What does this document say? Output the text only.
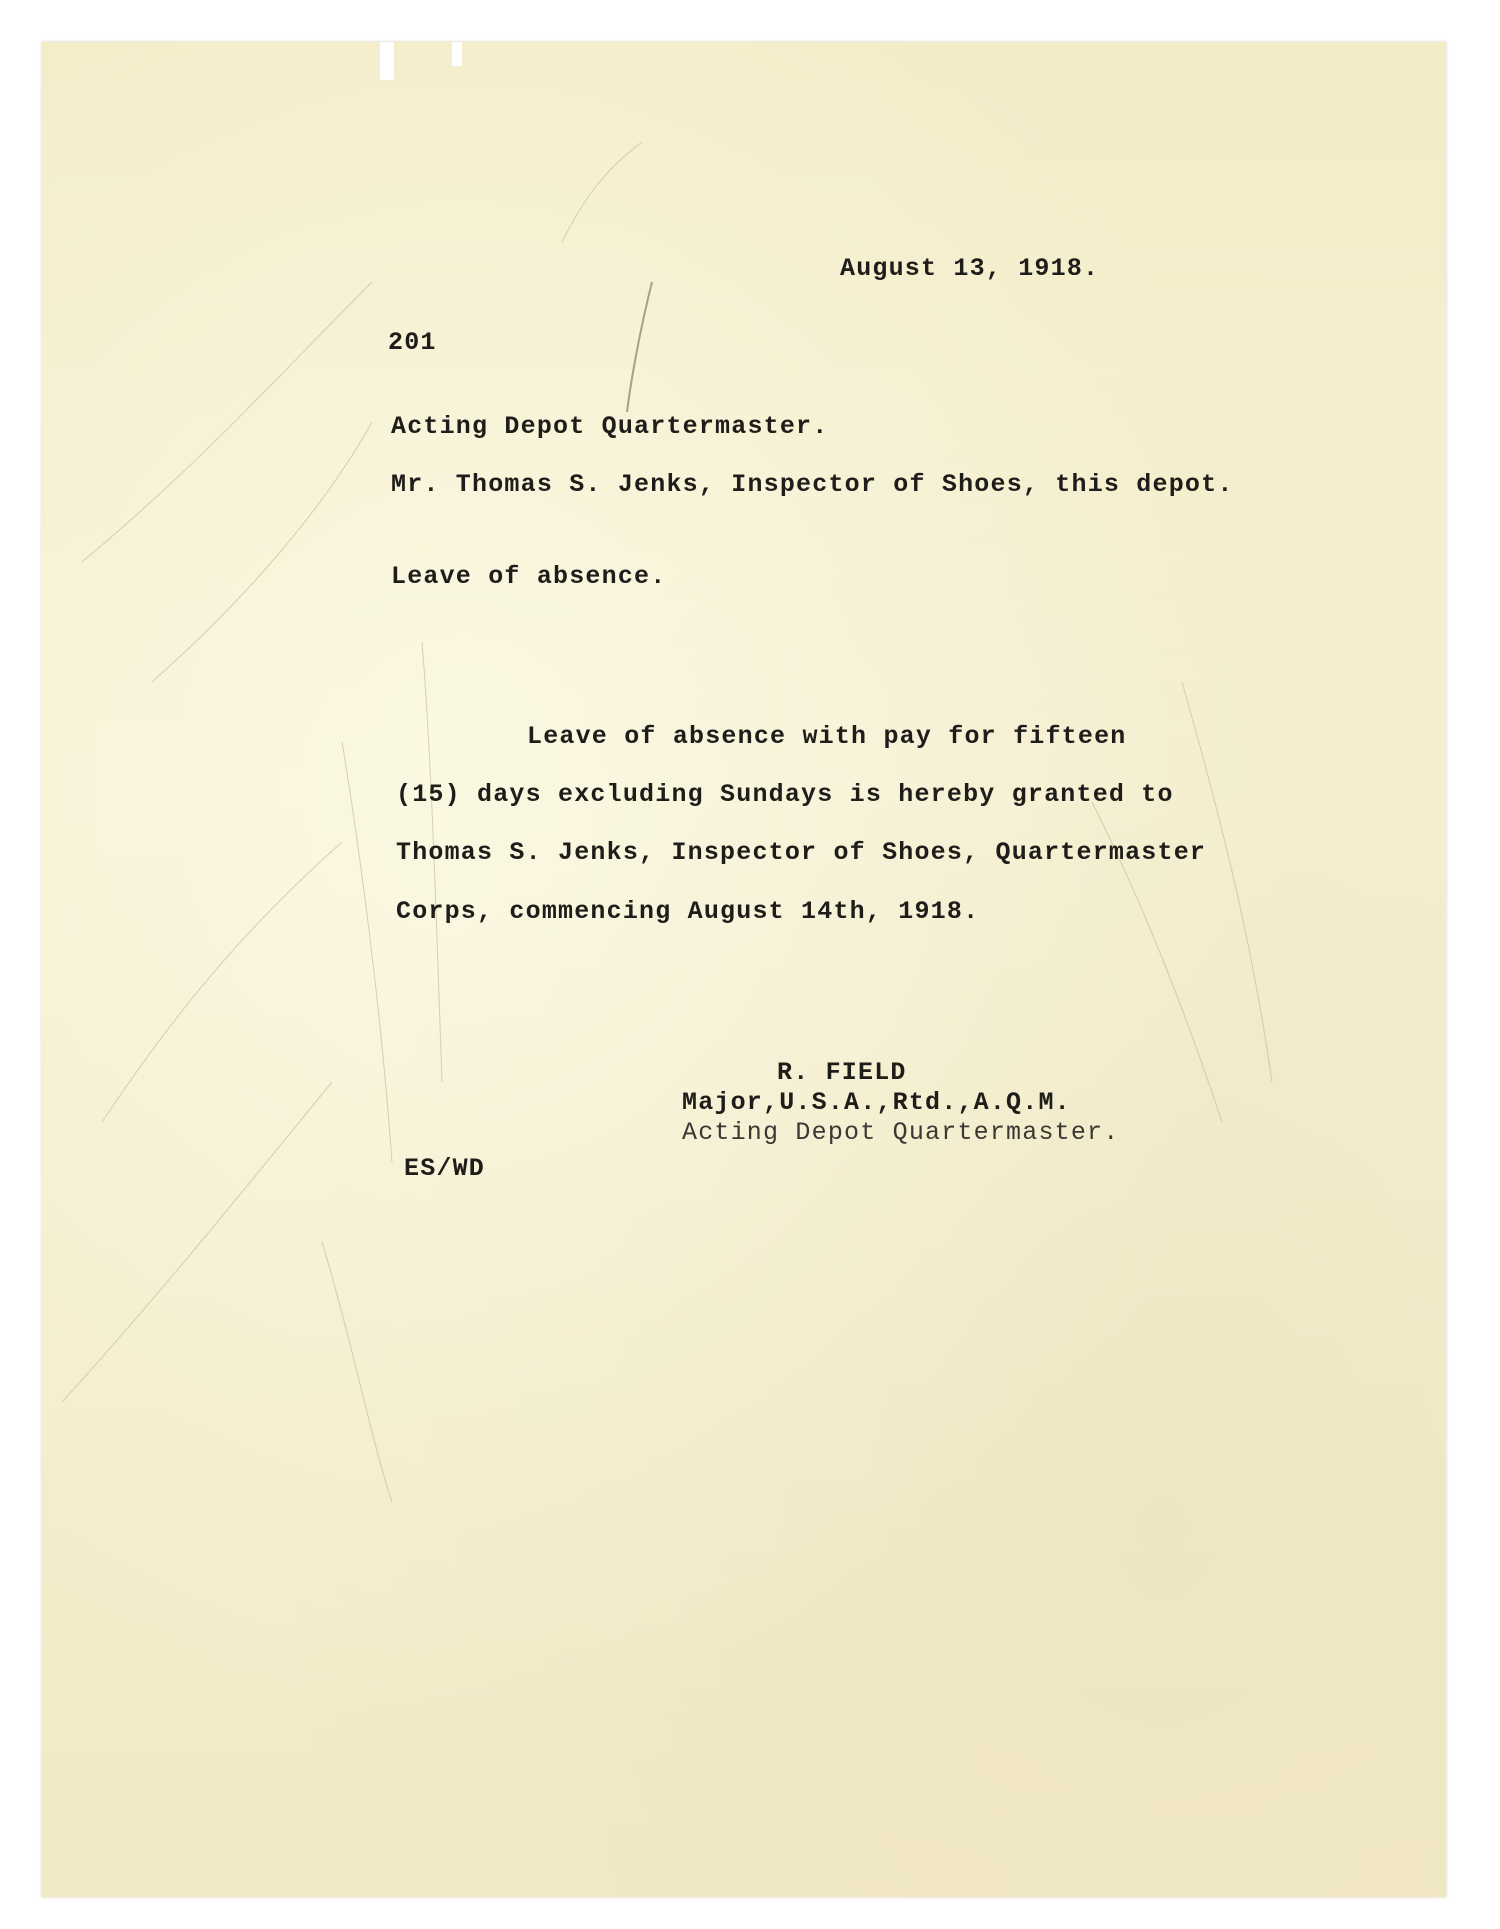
August 13, 1918.
201
Acting Depot Quartermaster.
Mr. Thomas S. Jenks, Inspector of Shoes, this depot.
Leave of absence.
Leave of absence with pay for fifteen
(15) days excluding Sundays is hereby granted to
Thomas S. Jenks, Inspector of Shoes, Quartermaster
Corps, commencing August 14th, 1918.
R. FIELD
Major,U.S.A.,Rtd.,A.Q.M.
Acting Depot Quartermaster.
ES/WD
